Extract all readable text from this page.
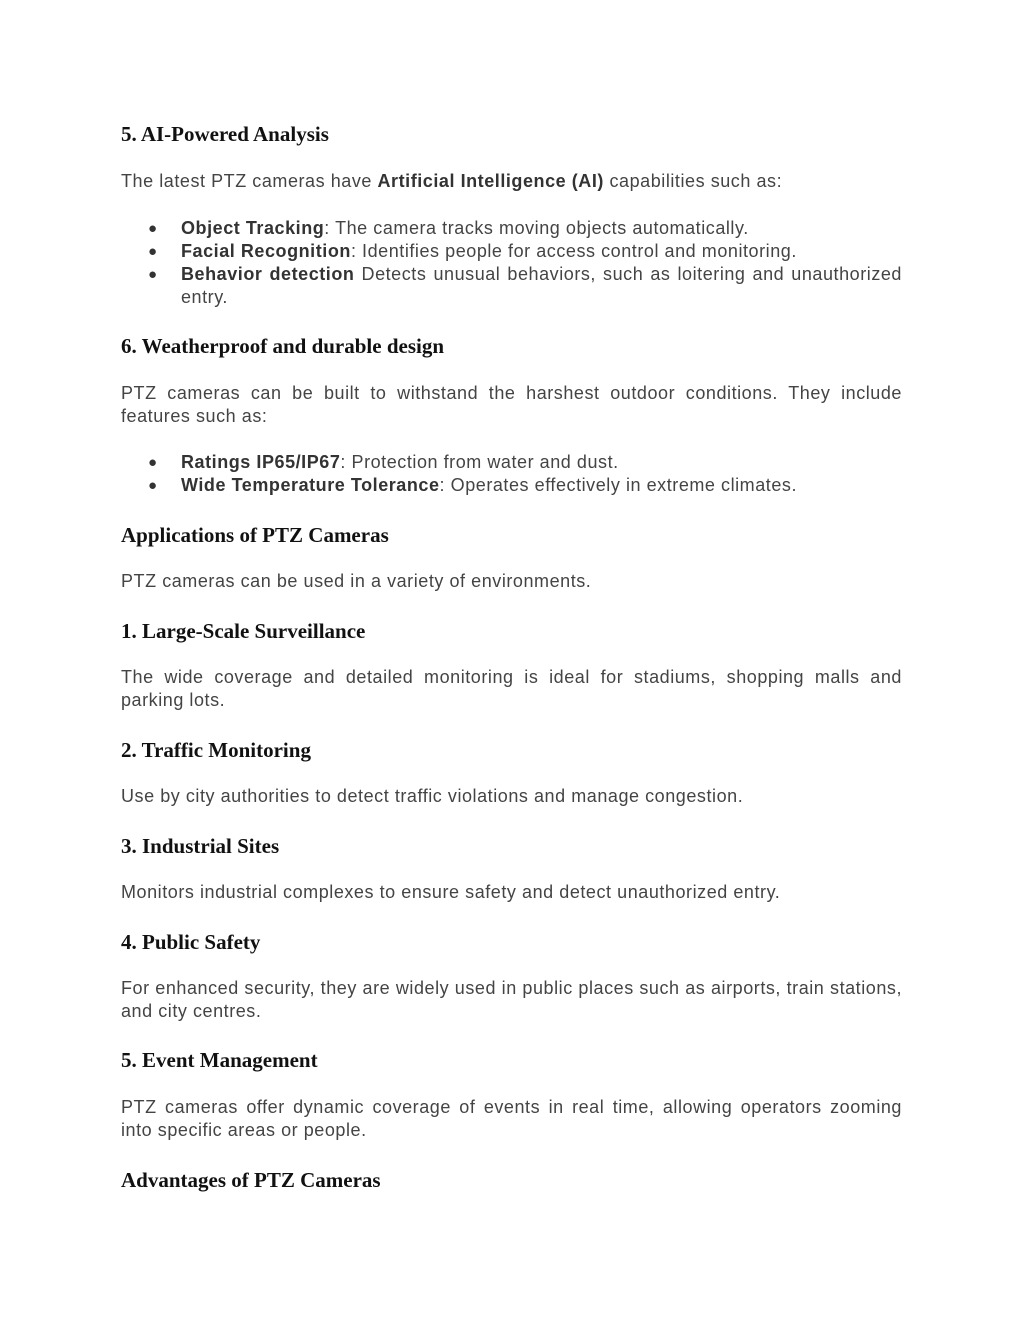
5. AI-Powered Analysis

The latest PTZ cameras have Artificial Intelligence (AI) capabilities such as:

● Object Tracking: The camera tracks moving objects automatically.
● Facial Recognition: Identifies people for access control and monitoring.
● Behavior detection Detects unusual behaviors, such as loitering and unauthorized entry.
6. Weatherproof and durable design

PTZ cameras can be built to withstand the harshest outdoor conditions. They include features such as:

● Ratings IP65/IP67: Protection from water and dust.
● Wide Temperature Tolerance: Operates effectively in extreme climates.
Applications of PTZ Cameras

PTZ cameras can be used in a variety of environments.

1. Large-Scale Surveillance

The wide coverage and detailed monitoring is ideal for stadiums, shopping malls and parking lots.

2. Traffic Monitoring

Use by city authorities to detect traffic violations and manage congestion.

3. Industrial Sites

Monitors industrial complexes to ensure safety and detect unauthorized entry.

4. Public Safety

For enhanced security, they are widely used in public places such as airports, train stations, and city centres.

5. Event Management

PTZ cameras offer dynamic coverage of events in real time, allowing operators zooming into specific areas or people.

Advantages of PTZ Cameras
